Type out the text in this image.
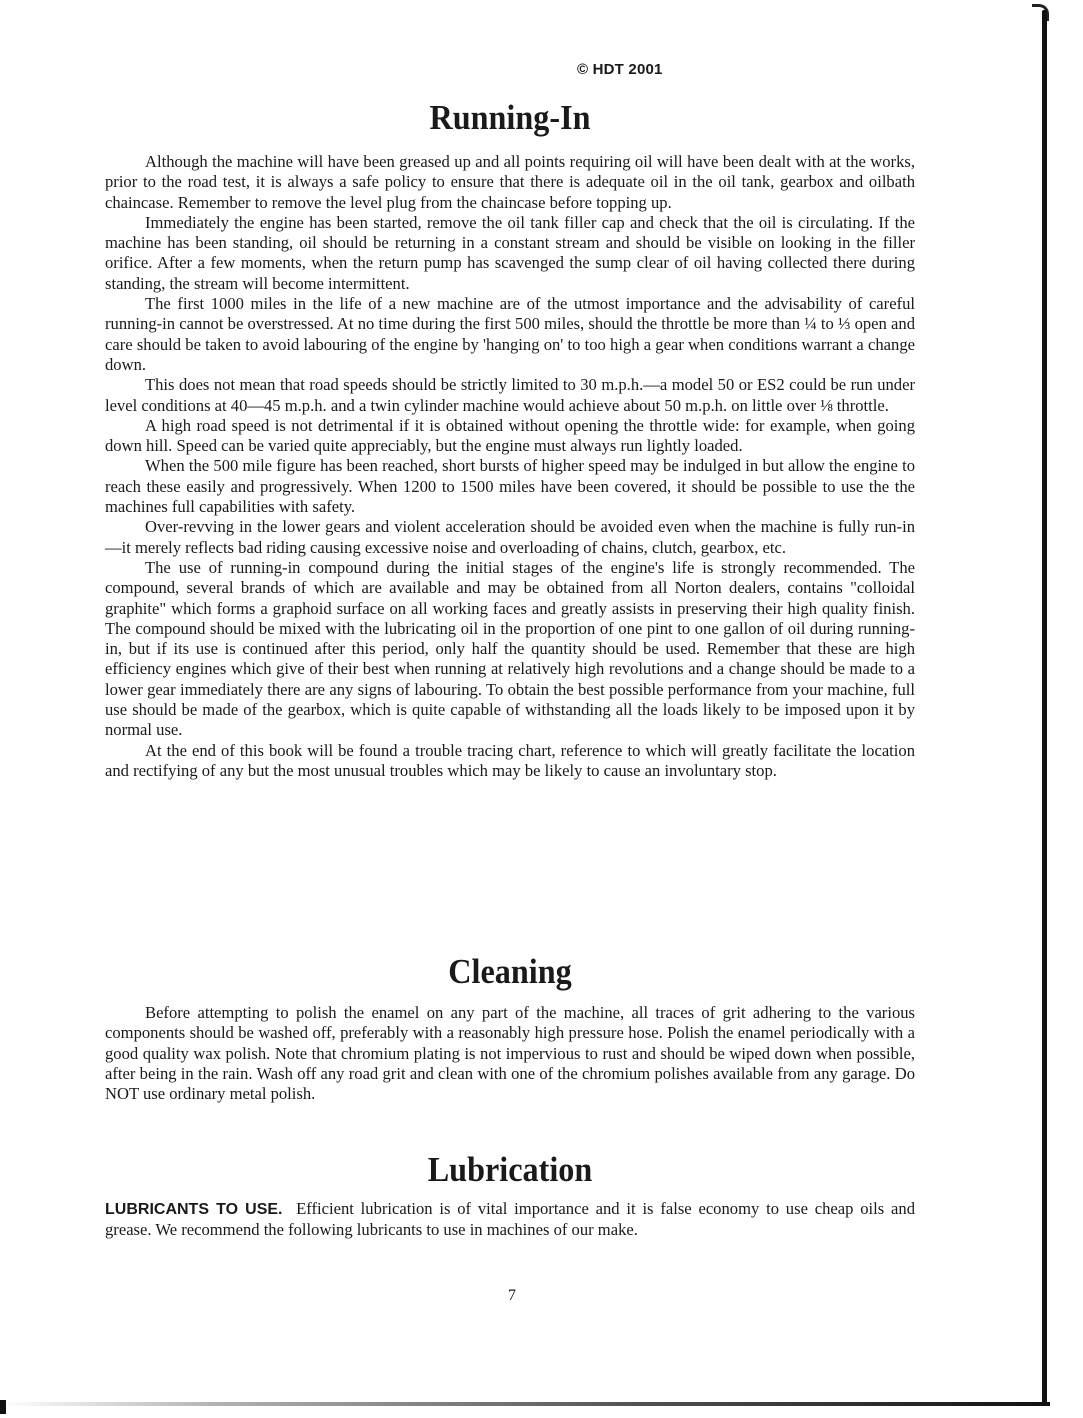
© HDT 2001
Running-In

Although the machine will have been greased up and all points requiring oil will have been dealt with at the works, prior to the road test, it is always a safe policy to ensure that there is adequate oil in the oil tank, gearbox and oilbath chaincase. Remember to remove the level plug from the chaincase before topping up.

Immediately the engine has been started, remove the oil tank filler cap and check that the oil is circulating. If the machine has been standing, oil should be returning in a constant stream and should be visible on looking in the filler orifice. After a few moments, when the return pump has scavenged the sump clear of oil having collected there during standing, the stream will become intermittent.

The first 1000 miles in the life of a new machine are of the utmost importance and the advisability of careful running-in cannot be overstressed. At no time during the first 500 miles, should the throttle be more than ¼ to ⅓ open and care should be taken to avoid labouring of the engine by 'hanging on' to too high a gear when conditions warrant a change down.

This does not mean that road speeds should be strictly limited to 30 m.p.h.—a model 50 or ES2 could be run under level conditions at 40—45 m.p.h. and a twin cylinder machine would achieve about 50 m.p.h. on little over ⅛ throttle.

A high road speed is not detrimental if it is obtained without opening the throttle wide: for example, when going down hill. Speed can be varied quite appreciably, but the engine must always run lightly loaded.

When the 500 mile figure has been reached, short bursts of higher speed may be indulged in but allow the engine to reach these easily and progressively. When 1200 to 1500 miles have been covered, it should be possible to use the the machines full capabilities with safety.

Over-revving in the lower gears and violent acceleration should be avoided even when the machine is fully run-in—it merely reflects bad riding causing excessive noise and overloading of chains, clutch, gearbox, etc.

The use of running-in compound during the initial stages of the engine's life is strongly recommended. The compound, several brands of which are available and may be obtained from all Norton dealers, contains "colloidal graphite" which forms a graphoid surface on all working faces and greatly assists in preserving their high quality finish. The compound should be mixed with the lubricating oil in the proportion of one pint to one gallon of oil during running-in, but if its use is continued after this period, only half the quantity should be used. Remember that these are high efficiency engines which give of their best when running at relatively high revolutions and a change should be made to a lower gear immediately there are any signs of labouring. To obtain the best possible performance from your machine, full use should be made of the gearbox, which is quite capable of withstanding all the loads likely to be imposed upon it by normal use.

At the end of this book will be found a trouble tracing chart, reference to which will greatly facilitate the location and rectifying of any but the most unusual troubles which may be likely to cause an involuntary stop.

Cleaning

Before attempting to polish the enamel on any part of the machine, all traces of grit adhering to the various components should be washed off, preferably with a reasonably high pressure hose. Polish the enamel periodically with a good quality wax polish. Note that chromium plating is not impervious to rust and should be wiped down when possible, after being in the rain. Wash off any road grit and clean with one of the chromium polishes available from any garage. Do NOT use ordinary metal polish.

Lubrication

LUBRICANTS TO USE. Efficient lubrication is of vital importance and it is false economy to use cheap oils and grease. We recommend the following lubricants to use in machines of our make.

7
